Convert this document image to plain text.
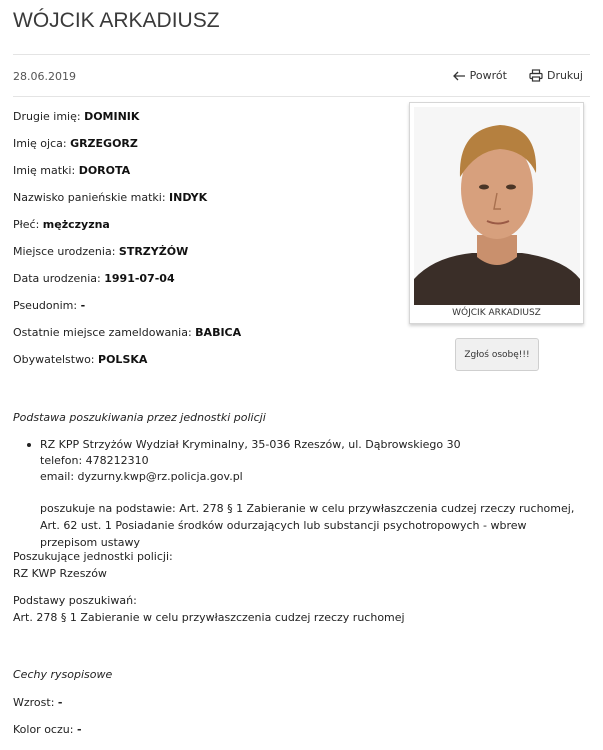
WÓJCIK ARKADIUSZ
28.06.2019	Powrót	Drukuj
Drugie imię: DOMINIK
Imię ojca: GRZEGORZ
Imię matki: DOROTA
Nazwisko panieńskie matki: INDYK
Płeć: mężczyzna
Miejsce urodzenia: STRZYŻÓW
Data urodzenia: 1991-07-04
Pseudonim: -
Ostatnie miejsce zameldowania: BABICA
Obywatelstwo: POLSKA
WÓJCIK ARKADIUSZ
Zgłoś osobę!!!
Podstawa poszukiwania przez jednostki policji
RZ KPP Strzyżów Wydział Kryminalny, 35-036 Rzeszów, ul. Dąbrowskiego 30
telefon: 478212310
email: dyzurny.kwp@rz.policja.gov.pl
poszukuje na podstawie: Art. 278 § 1 Zabieranie w celu przywłaszczenia cudzej rzeczy ruchomej, Art. 62 ust. 1 Posiadanie środków odurzających lub substancji psychotropowych - wbrew przepisom ustawy
Poszukujące jednostki policji:
RZ KWP Rzeszów
Podstawy poszukiwań:
Art. 278 § 1 Zabieranie w celu przywłaszczenia cudzej rzeczy ruchomej
Cechy rysopisowe
Wzrost: -
Kolor oczu: -
